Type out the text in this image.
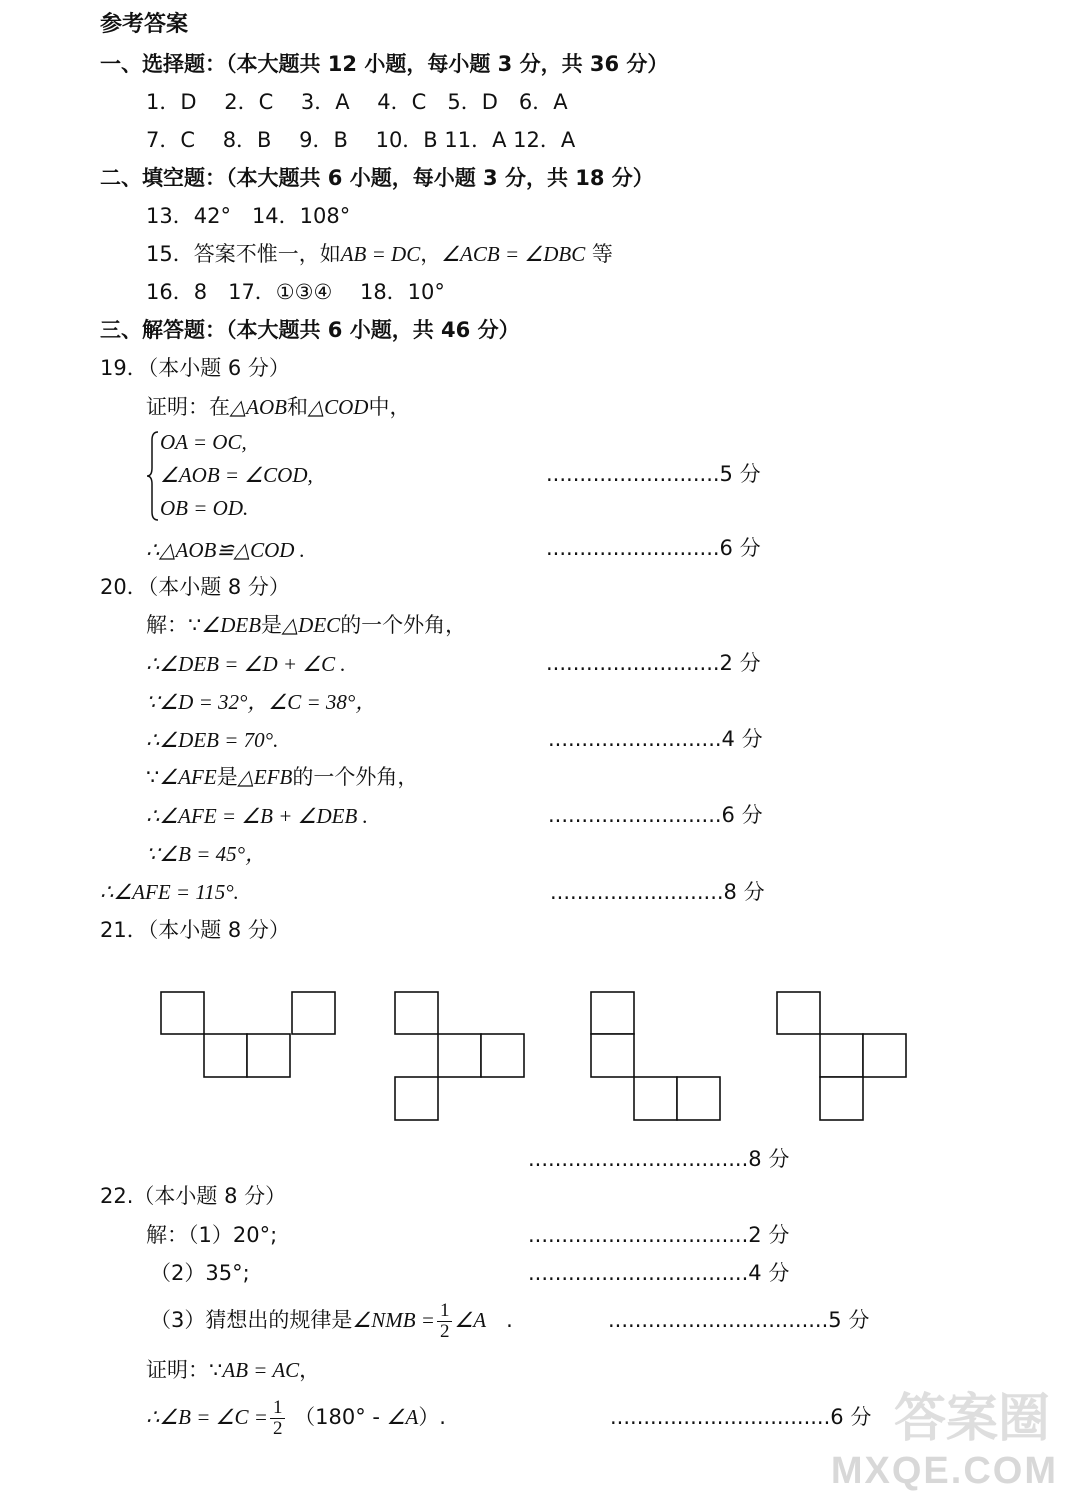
参考答案
一、选择题：（本大题共 12 小题，每小题 3 分，共 36 分）
1．D　 2．C　 3．A　 4．C　5．D　6．A
7．C　 8．B　 9．B　 10．B 11．A 12．A
二、填空题：（本大题共 6 小题，每小题 3 分，共 18 分）
13．42°　14．108°
15．答案不惟一，如AB = DC，∠ACB = ∠DBC 等
16．8　17．①③④　 18．10°
三、解答题：（本大题共 6 小题，共 46 分）
19．（本小题 6 分）
证明：在△AOB和△COD中，
OA = OC,
∠AOB = ∠COD,
OB = OD.
..........................5 分
∴△AOB≌△COD .	..........................6 分
20．（本小题 8 分）
解：∵∠DEB是△DEC的一个外角，
∴∠DEB = ∠D + ∠C .	..........................2 分
∵∠D = 32°，∠C = 38°，
∴∠DEB = 70°.	..........................4 分
∵∠AFE是△EFB的一个外角，
∴∠AFE = ∠B + ∠DEB .	..........................6 分
∵∠B = 45°，
∴∠AFE = 115°.	..........................8 分
21．（本小题 8 分）
.................................8 分
22.（本小题 8 分）
解：（1）20°;	.................................2 分
（2）35°;	.................................4 分
（3）猜想出的规律是∠NMB = $\frac{1}{2}$ ∠A .	.................................5 分
证明：∵AB = AC，
∴∠B = ∠C = $\frac{1}{2} (180^\circ$ - ∠A）.	.................................6 分 答案圈
MXQE.COM
